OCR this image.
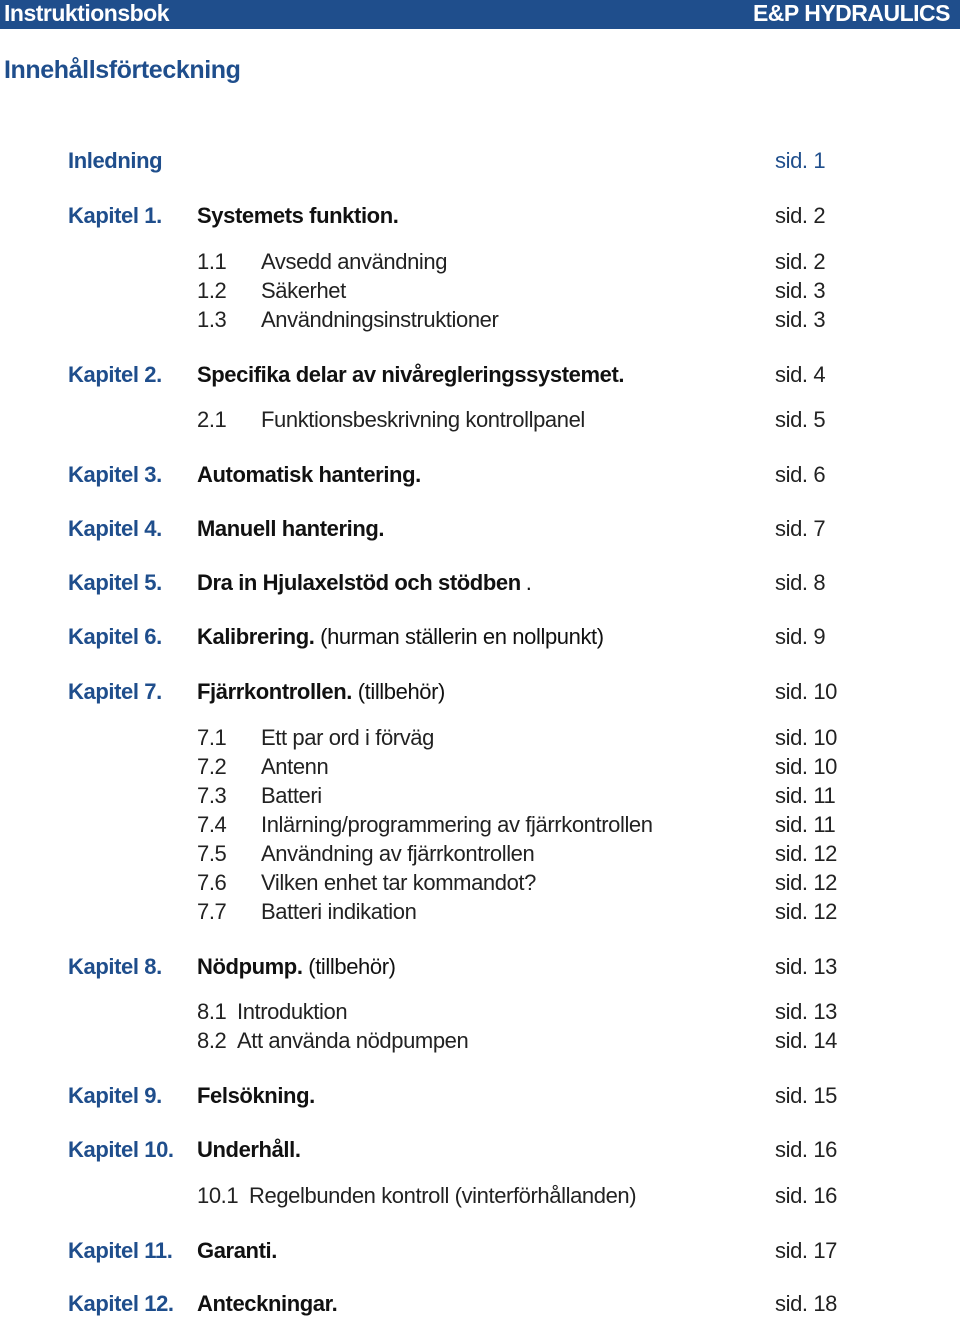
Instruktionsbok	E&P HYDRAULICS
Innehållsförteckning
Inledning	sid. 1
Kapitel 1. Systemets funktion.	sid. 2
1.1 Avsedd användning	sid. 2
1.2 Säkerhet	sid. 3
1.3 Användningsinstruktioner	sid. 3
Kapitel 2. Specifika delar av nivåregleringssystemet.	sid. 4
2.1 Funktionsbeskrivning kontrollpanel	sid. 5
Kapitel 3. Automatisk hantering.	sid. 6
Kapitel 4. Manuell hantering.	sid. 7
Kapitel 5. Dra in Hjulaxelstöd och stödben .	sid. 8
Kapitel 6. Kalibrering. (hurman ställerin en nollpunkt)	sid. 9
Kapitel 7. Fjärrkontrollen. (tillbehör)	sid. 10
7.1 Ett par ord i förväg	sid. 10
7.2 Antenn	sid. 10
7.3 Batteri	sid. 11
7.4 Inlärning/programmering av fjärrkontrollen	sid. 11
7.5 Användning av fjärrkontrollen	sid. 12
7.6 Vilken enhet tar kommandot?	sid. 12
7.7 Batteri indikation	sid. 12
Kapitel 8. Nödpump. (tillbehör)	sid. 13
8.1 Introduktion	sid. 13
8.2 Att använda nödpumpen	sid. 14
Kapitel 9. Felsökning.	sid. 15
Kapitel 10. Underhåll.	sid. 16
10.1 Regelbunden kontroll (vinterförhållanden)	sid. 16
Kapitel 11. Garanti.	sid. 17
Kapitel 12. Anteckningar.	sid. 18
